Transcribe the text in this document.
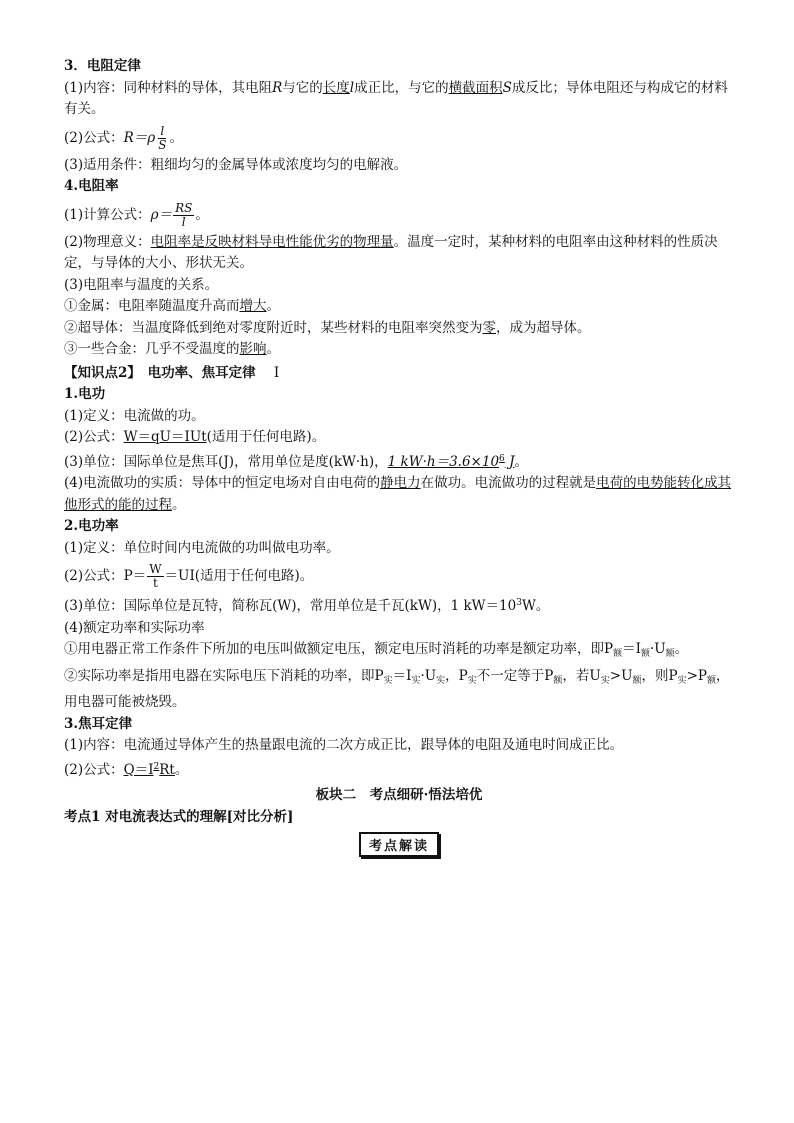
3．电阻定律
(1)内容：同种材料的导体，其电阻R与它的长度l成正比，与它的横截面积S成反比；导体电阻还与构成它的材料有关。
(2)公式：$R=\rho \frac{l}{S}$ 。
(3)适用条件：粗细均匀的金属导体或浓度均匀的电解液。
4.电阻率
(1)计算公式：$\rho= \frac{RS}{l}$ 。
(2)物理意义：电阻率是反映材料导电性能优劣的物理量。温度一定时，某种材料的电阻率由这种材料的性质决定，与导体的大小、形状无关。
(3)电阻率与温度的关系。
①金属：电阻率随温度升高而增大。
②超导体：当温度降低到绝对零度附近时，某些材料的电阻率突然变为零，成为超导体。
③一些合金：几乎不受温度的影响。
【知识点2】　 电功率、焦耳定律　 Ⅰ
1.电功
(1)定义：电流做的功。
(2)公式：W＝qU＝IUt(适用于任何电路)。
(3)单位：国际单位是焦耳(J)，常用单位是度(kW·h)，1 $kW\cdot h=3.6\times 10^6$ J。
(4)电流做功的实质：导体中的恒定电场对自由电荷的静电力在做功。电流做功的过程就是电荷的电势能转化成其他形式的能的过程。
2.电功率
(1)定义：单位时间内电流做的功叫做电功率。
(2)公式：$P= \frac{W}{t} =UI$(适用于任何电路)。
(3)单位：国际单位是瓦特，简称瓦(W)，常用单位是千瓦(kW)，1 $kW=10^3W$。
(4)额定功率和实际功率
①用电器正常工作条件下所加的电压叫做额定电压，额定电压时消耗的功率是额定功率，即$P_额=I_额\cdot U_额$。
②实际功率是指用电器在实际电压下消耗的功率，即$P_实=I_实\cdot U_实$，$P_实$不一定等于$P_额$，若$U_实>U_额$，则$P_实>P_额$，用电器可能被烧毁。
3.焦耳定律
(1)内容：电流通过导体产生的热量跟电流的二次方成正比，跟导体的电阻及通电时间成正比。
(2)公式：$Q=I^2Rt$。
板块二　考点细研·悟法培优
考点1 对电流表达式的理解[对比分析]
考点解读
